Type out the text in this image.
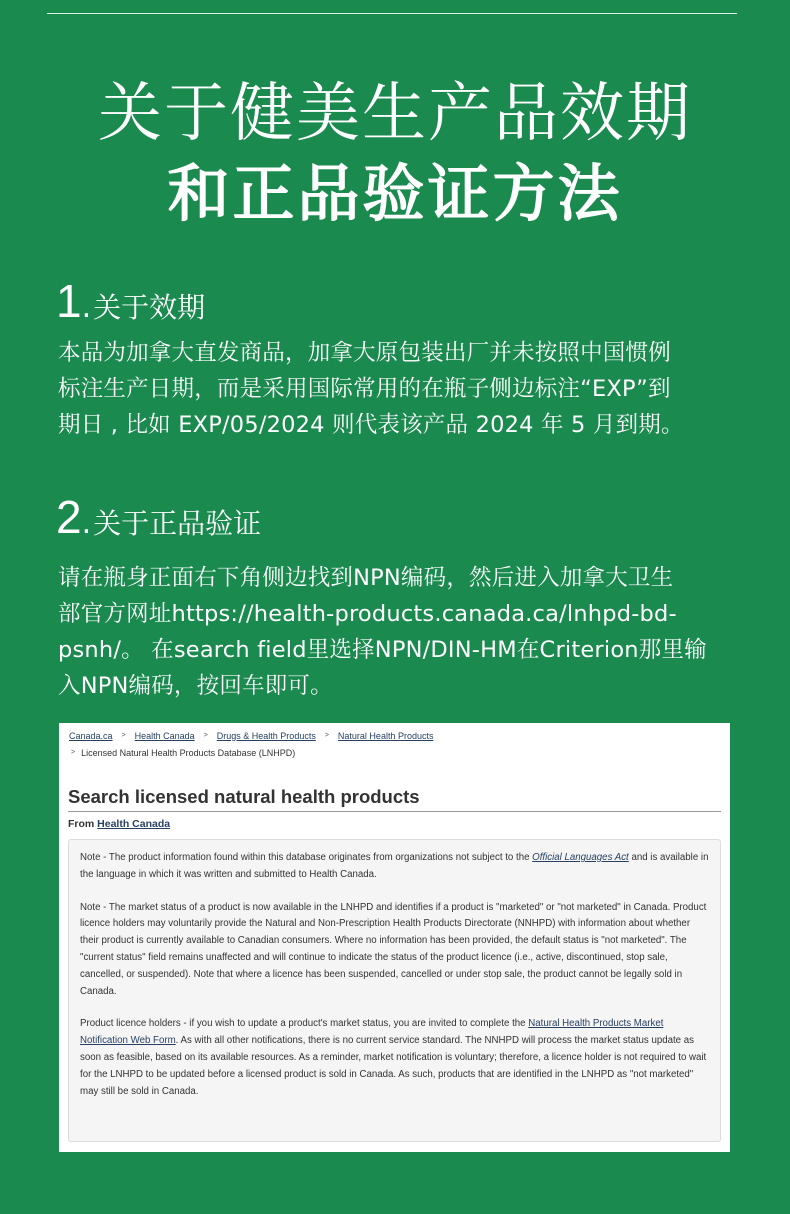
关于健美生产品效期
和正品验证方法
1 . 关于效期
本品为加拿大直发商品，加拿大原包装出厂并未按照中国惯例
标注生产日期，而是采用国际常用的在瓶子侧边标注“EXP”到
期日 , 比如 EXP/05/2024 则代表该产品 2024 年 5 月到期。
2 . 关于正品验证
请在瓶身正面右下角侧边找到NPN编码，然后进入加拿大卫生
部官方网址https://health-products.canada.ca/lnhpd-bd-
psnh/。 在search field里选择NPN/DIN-HM在Criterion那里输
入NPN编码，按回车即可。
Canada.ca > Health Canada > Drugs & Health Products > Natural Health Products
> Licensed Natural Health Products Database (LNHPD)
Search licensed natural health products
From Health Canada

Note - The product information found within this database originates from organizations not subject to the Official Languages Act and is available in the language in which it was written and submitted to Health Canada.

Note - The market status of a product is now available in the LNHPD and identifies if a product is "marketed" or "not marketed" in Canada. Product licence holders may voluntarily provide the Natural and Non-Prescription Health Products Directorate (NNHPD) with information about whether their product is currently available to Canadian consumers. Where no information has been provided, the default status is "not marketed". The "current status" field remains unaffected and will continue to indicate the status of the product licence (i.e., active, discontinued, stop sale, cancelled, or suspended). Note that where a licence has been suspended, cancelled or under stop sale, the product cannot be legally sold in Canada.

Product licence holders - if you wish to update a product's market status, you are invited to complete the Natural Health Products Market Notification Web Form. As with all other notifications, there is no current service standard. The NNHPD will process the market status update as soon as feasible, based on its available resources. As a reminder, market notification is voluntary; therefore, a licence holder is not required to wait for the LNHPD to be updated before a licensed product is sold in Canada. As such, products that are identified in the LNHPD as "not marketed" may still be sold in Canada.
